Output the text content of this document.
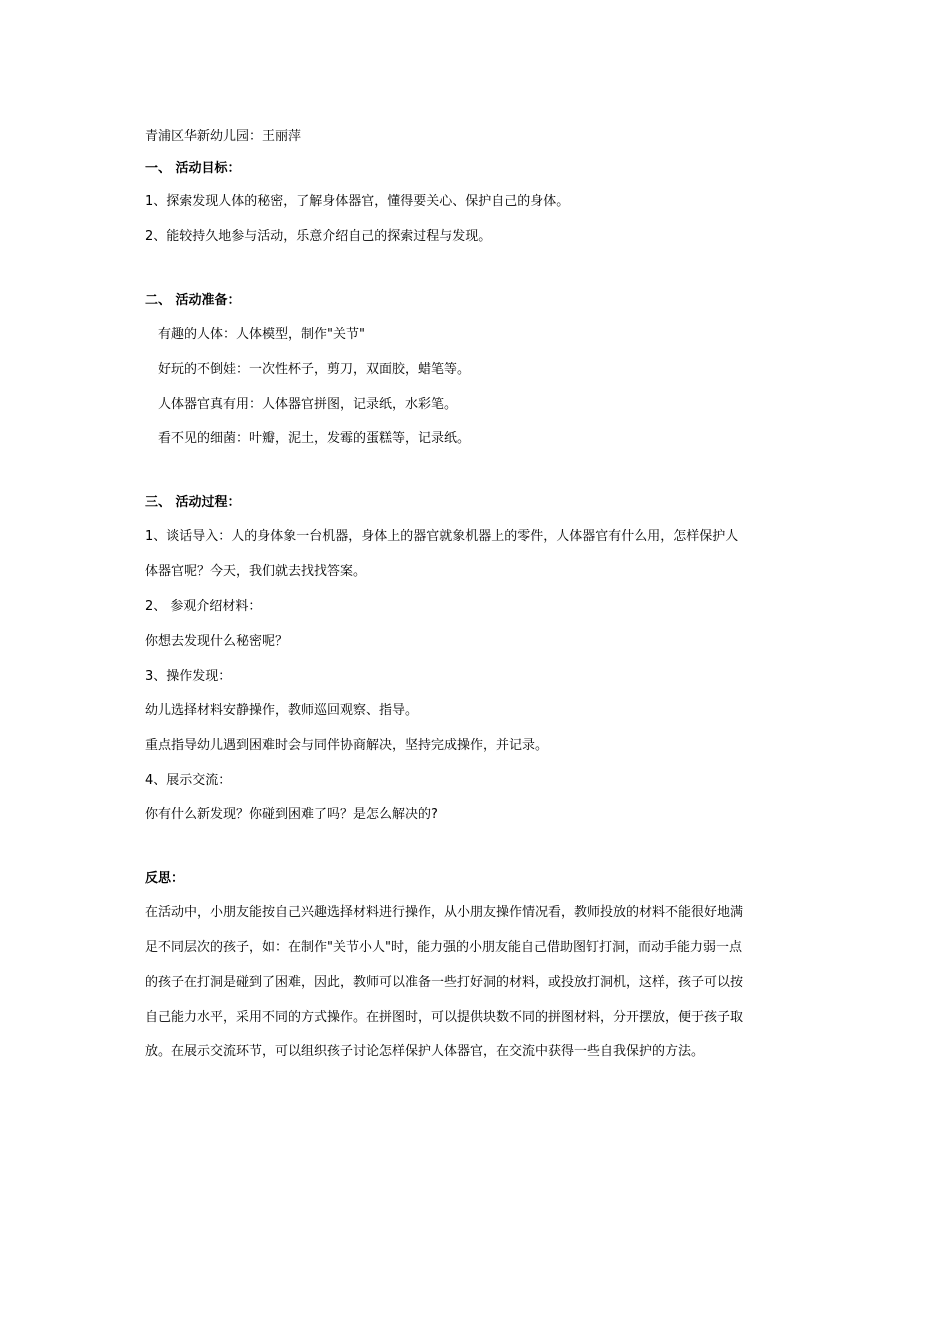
青浦区华新幼儿园：王丽萍
一、 活动目标：
1、探索发现人体的秘密，了解身体器官，懂得要关心、保护自己的身体。
2、能较持久地参与活动，乐意介绍自己的探索过程与发现。
二、 活动准备：
有趣的人体：人体模型，制作"关节"
好玩的不倒娃：一次性杯子，剪刀，双面胶，蜡笔等。
人体器官真有用：人体器官拼图，记录纸，水彩笔。
看不见的细菌：叶瓣，泥土，发霉的蛋糕等，记录纸。
三、 活动过程：
1、谈话导入：人的身体象一台机器，身体上的器官就象机器上的零件，人体器官有什么用，怎样保护人
体器官呢？今天，我们就去找找答案。
2、 参观介绍材料：
你想去发现什么秘密呢？
3、操作发现：
幼儿选择材料安静操作，教师巡回观察、指导。
重点指导幼儿遇到困难时会与同伴协商解决，坚持完成操作，并记录。
4、展示交流：
你有什么新发现？你碰到困难了吗？是怎么解决的?
反思：
在活动中，小朋友能按自己兴趣选择材料进行操作，从小朋友操作情况看，教师投放的材料不能很好地满
足不同层次的孩子，如：在制作"关节小人"时，能力强的小朋友能自己借助图钉打洞，而动手能力弱一点
的孩子在打洞是碰到了困难，因此，教师可以准备一些打好洞的材料，或投放打洞机，这样，孩子可以按
自己能力水平，采用不同的方式操作。在拼图时，可以提供块数不同的拼图材料，分开摆放，便于孩子取
放。在展示交流环节，可以组织孩子讨论怎样保护人体器官，在交流中获得一些自我保护的方法。
